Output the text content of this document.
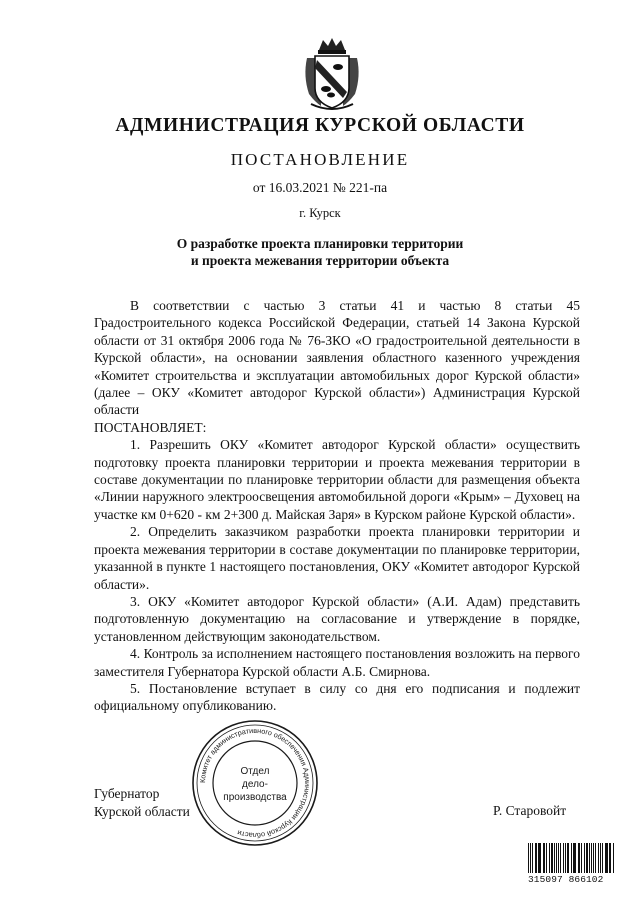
АДМИНИСТРАЦИЯ КУРСКОЙ ОБЛАСТИ
ПОСТАНОВЛЕНИЕ
от 16.03.2021 № 221-па
г. Курск
О разработке проекта планировки территории
и проекта межевания территории объекта

В соответствии с частью 3 статьи 41 и частью 8 статьи 45 Градостроительного кодекса Российской Федерации, статьей 14 Закона Курской области от 31 октября 2006 года № 76-ЗКО «О градостроительной деятельности в Курской области», на основании заявления областного казенного учреждения «Комитет строительства и эксплуатации автомобильных дорог Курской области» (далее – ОКУ «Комитет автодорог Курской области») Администрация Курской области

ПОСТАНОВЛЯЕТ:

1. Разрешить ОКУ «Комитет автодорог Курской области» осуществить подготовку проекта планировки территории и проекта межевания территории в составе документации по планировке территории области для размещения объекта «Линии наружного электроосвещения автомобильной дороги «Крым» – Духовец на участке км 0+620 - км 2+300 д. Майская Заря» в Курском районе Курской области».

2. Определить заказчиком разработки проекта планировки территории и проекта межевания территории в составе документации по планировке территории, указанной в пункте 1 настоящего постановления, ОКУ «Комитет автодорог Курской области».

3. ОКУ «Комитет автодорог Курской области» (А.И. Адам) представить подготовленную документацию на согласование и утверждение в порядке, установленном действующим законодательством.

4. Контроль за исполнением настоящего постановления возложить на первого заместителя Губернатора Курской области А.Б. Смирнова.

5. Постановление вступает в силу со дня его подписания и подлежит официальному опубликованию.

Губернатор
Курской области	Р. Старовойт
Комитет административного обеспечения Администрации Курской области
Отдел
дело-
производства
315097 866102
